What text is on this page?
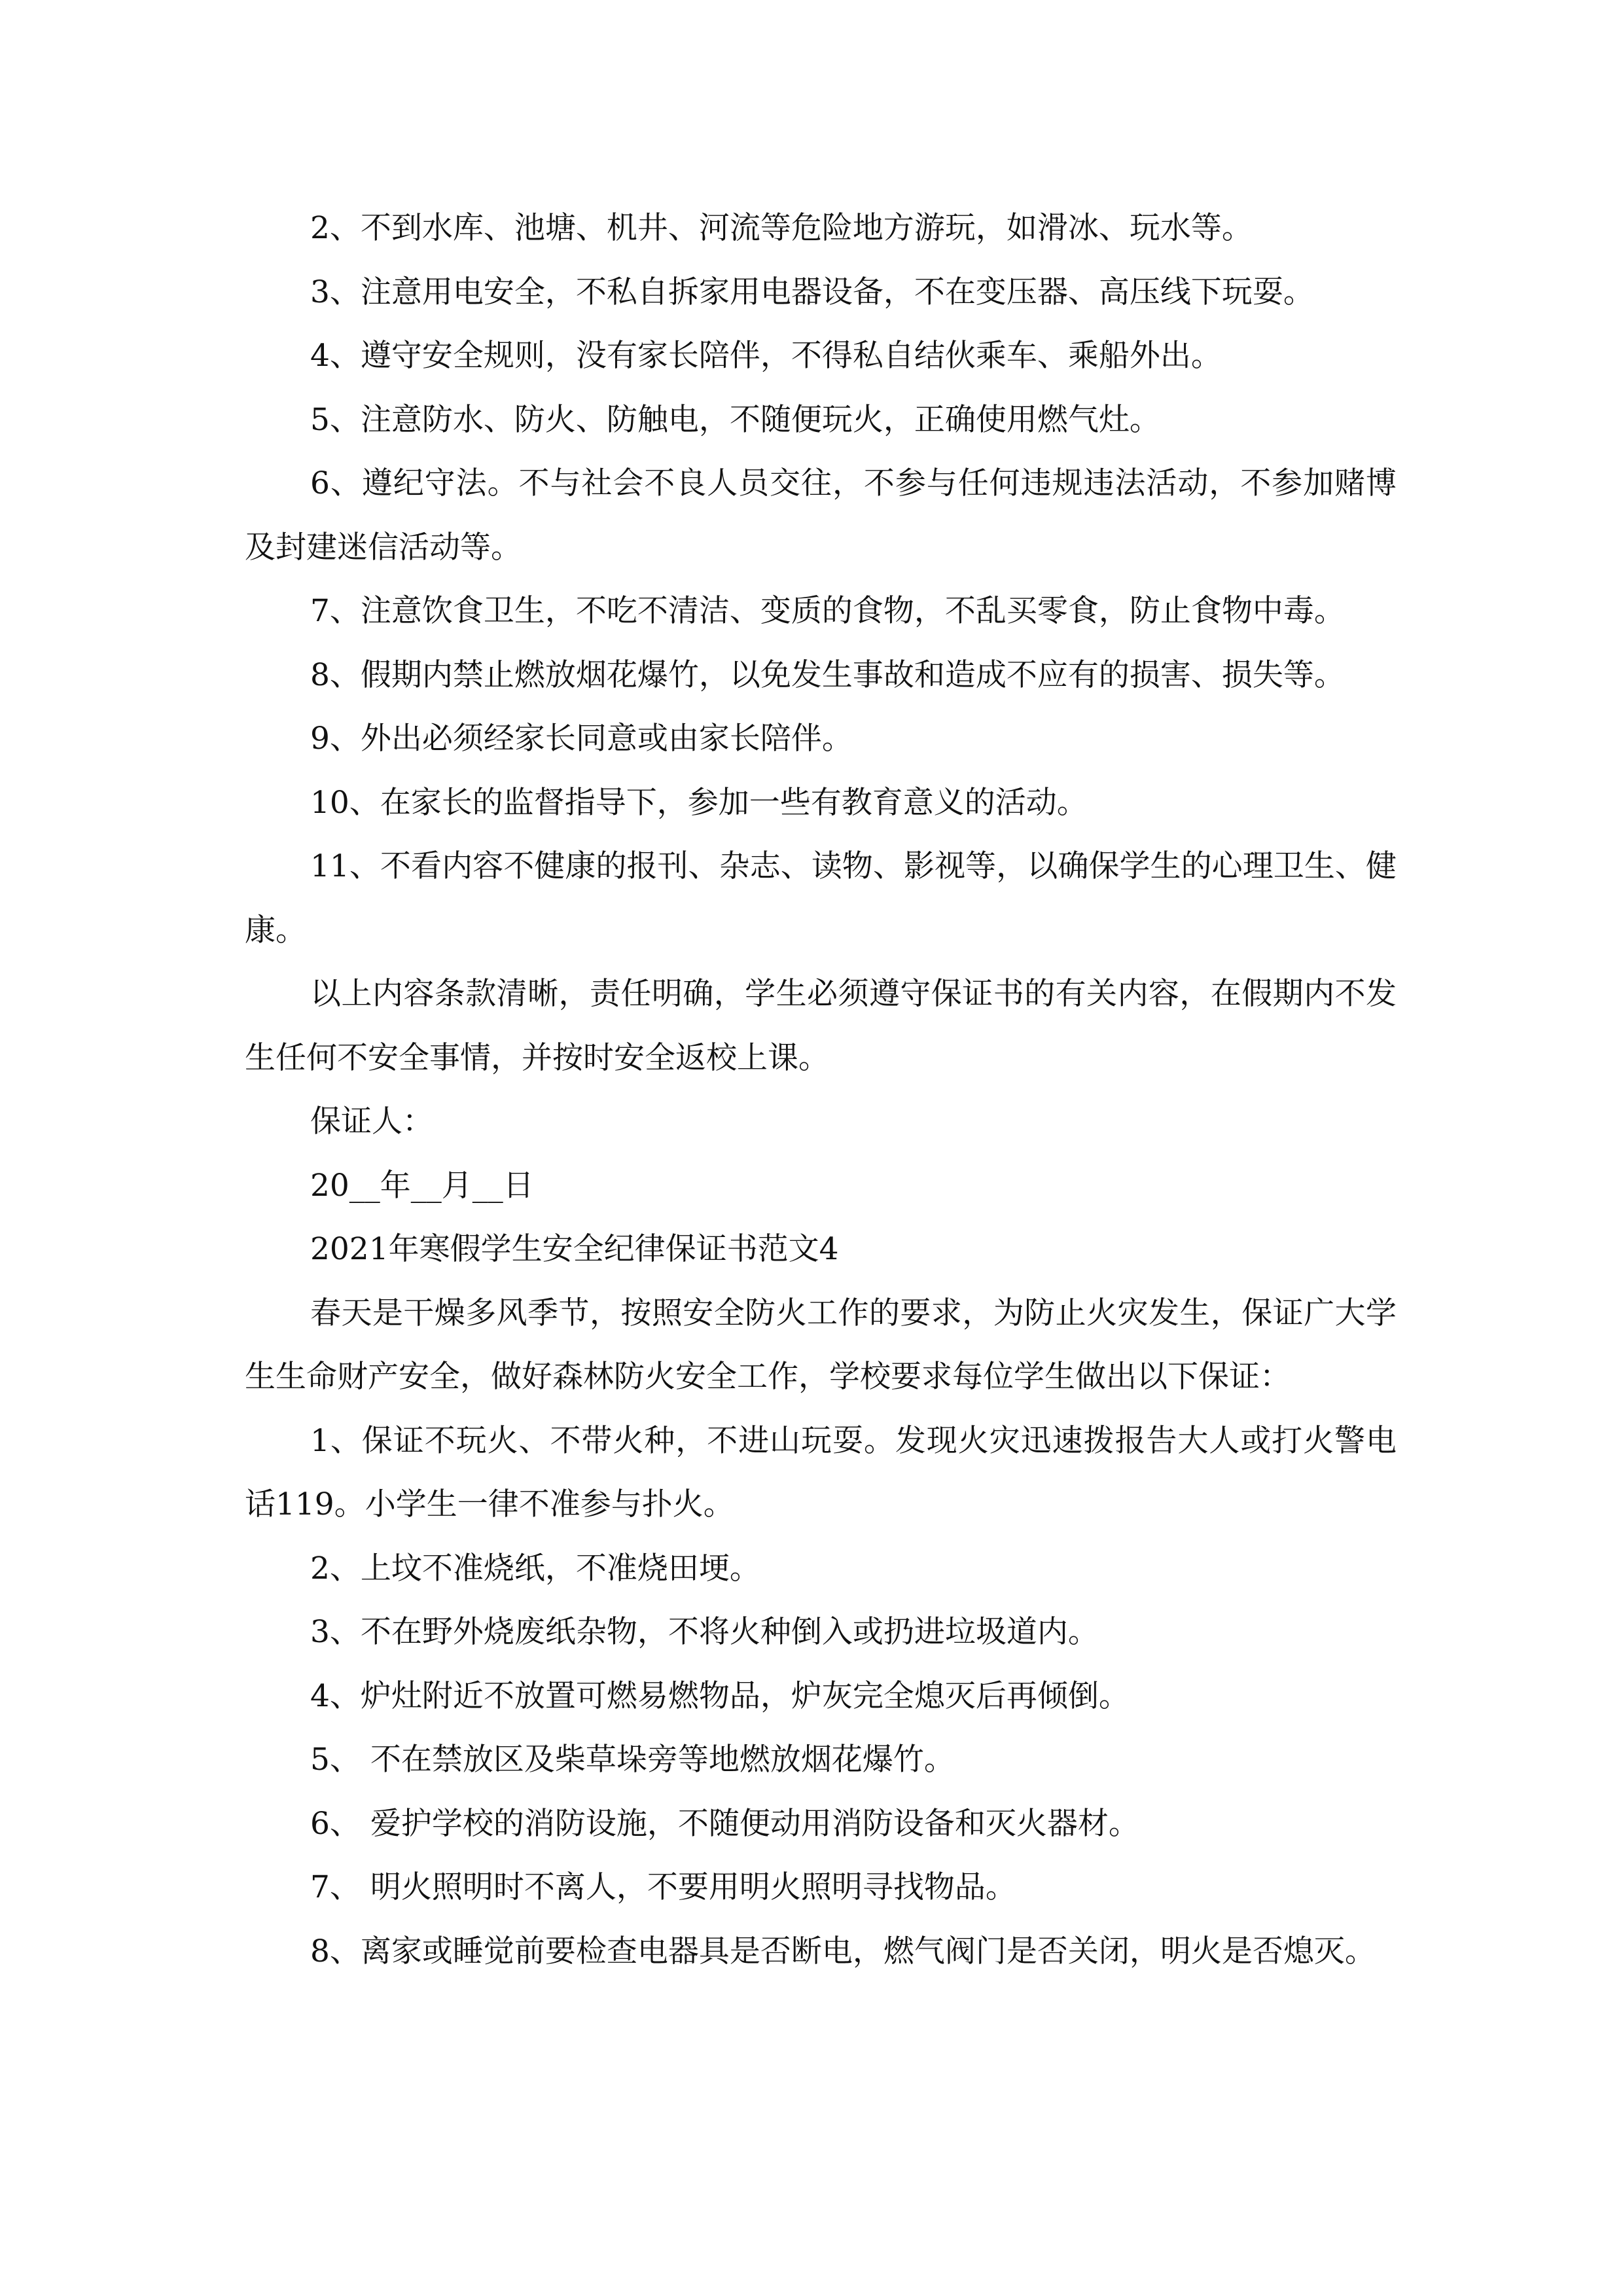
2、不到水库、池塘、机井、河流等危险地方游玩，如滑冰、玩水等。

3、注意用电安全，不私自拆家用电器设备，不在变压器、高压线下玩耍。

4、遵守安全规则，没有家长陪伴，不得私自结伙乘车、乘船外出。

5、注意防水、防火、防触电，不随便玩火，正确使用燃气灶。

6、遵纪守法。不与社会不良人员交往，不参与任何违规违法活动，不参加赌博及封建迷信活动等。

7、注意饮食卫生，不吃不清洁、变质的食物，不乱买零食，防止食物中毒。

8、假期内禁止燃放烟花爆竹，以免发生事故和造成不应有的损害、损失等。

9、外出必须经家长同意或由家长陪伴。

10、在家长的监督指导下，参加一些有教育意义的活动。

11、不看内容不健康的报刊、杂志、读物、影视等，以确保学生的心理卫生、健康。

以上内容条款清晰，责任明确，学生必须遵守保证书的有关内容，在假期内不发生任何不安全事情，并按时安全返校上课。

保证人：

20__年__月__日

2021年寒假学生安全纪律保证书范文4

春天是干燥多风季节，按照安全防火工作的要求，为防止火灾发生，保证广大学生生命财产安全，做好森林防火安全工作，学校要求每位学生做出以下保证：

1、保证不玩火、不带火种，不进山玩耍。发现火灾迅速拨报告大人或打火警电话119。小学生一律不准参与扑火。

2、上坟不准烧纸，不准烧田埂。

3、不在野外烧废纸杂物，不将火种倒入或扔进垃圾道内。

4、炉灶附近不放置可燃易燃物品，炉灰完全熄灭后再倾倒。

5、 不在禁放区及柴草垛旁等地燃放烟花爆竹。

6、 爱护学校的消防设施，不随便动用消防设备和灭火器材。

7、 明火照明时不离人，不要用明火照明寻找物品。

8、离家或睡觉前要检查电器具是否断电，燃气阀门是否关闭，明火是否熄灭。
